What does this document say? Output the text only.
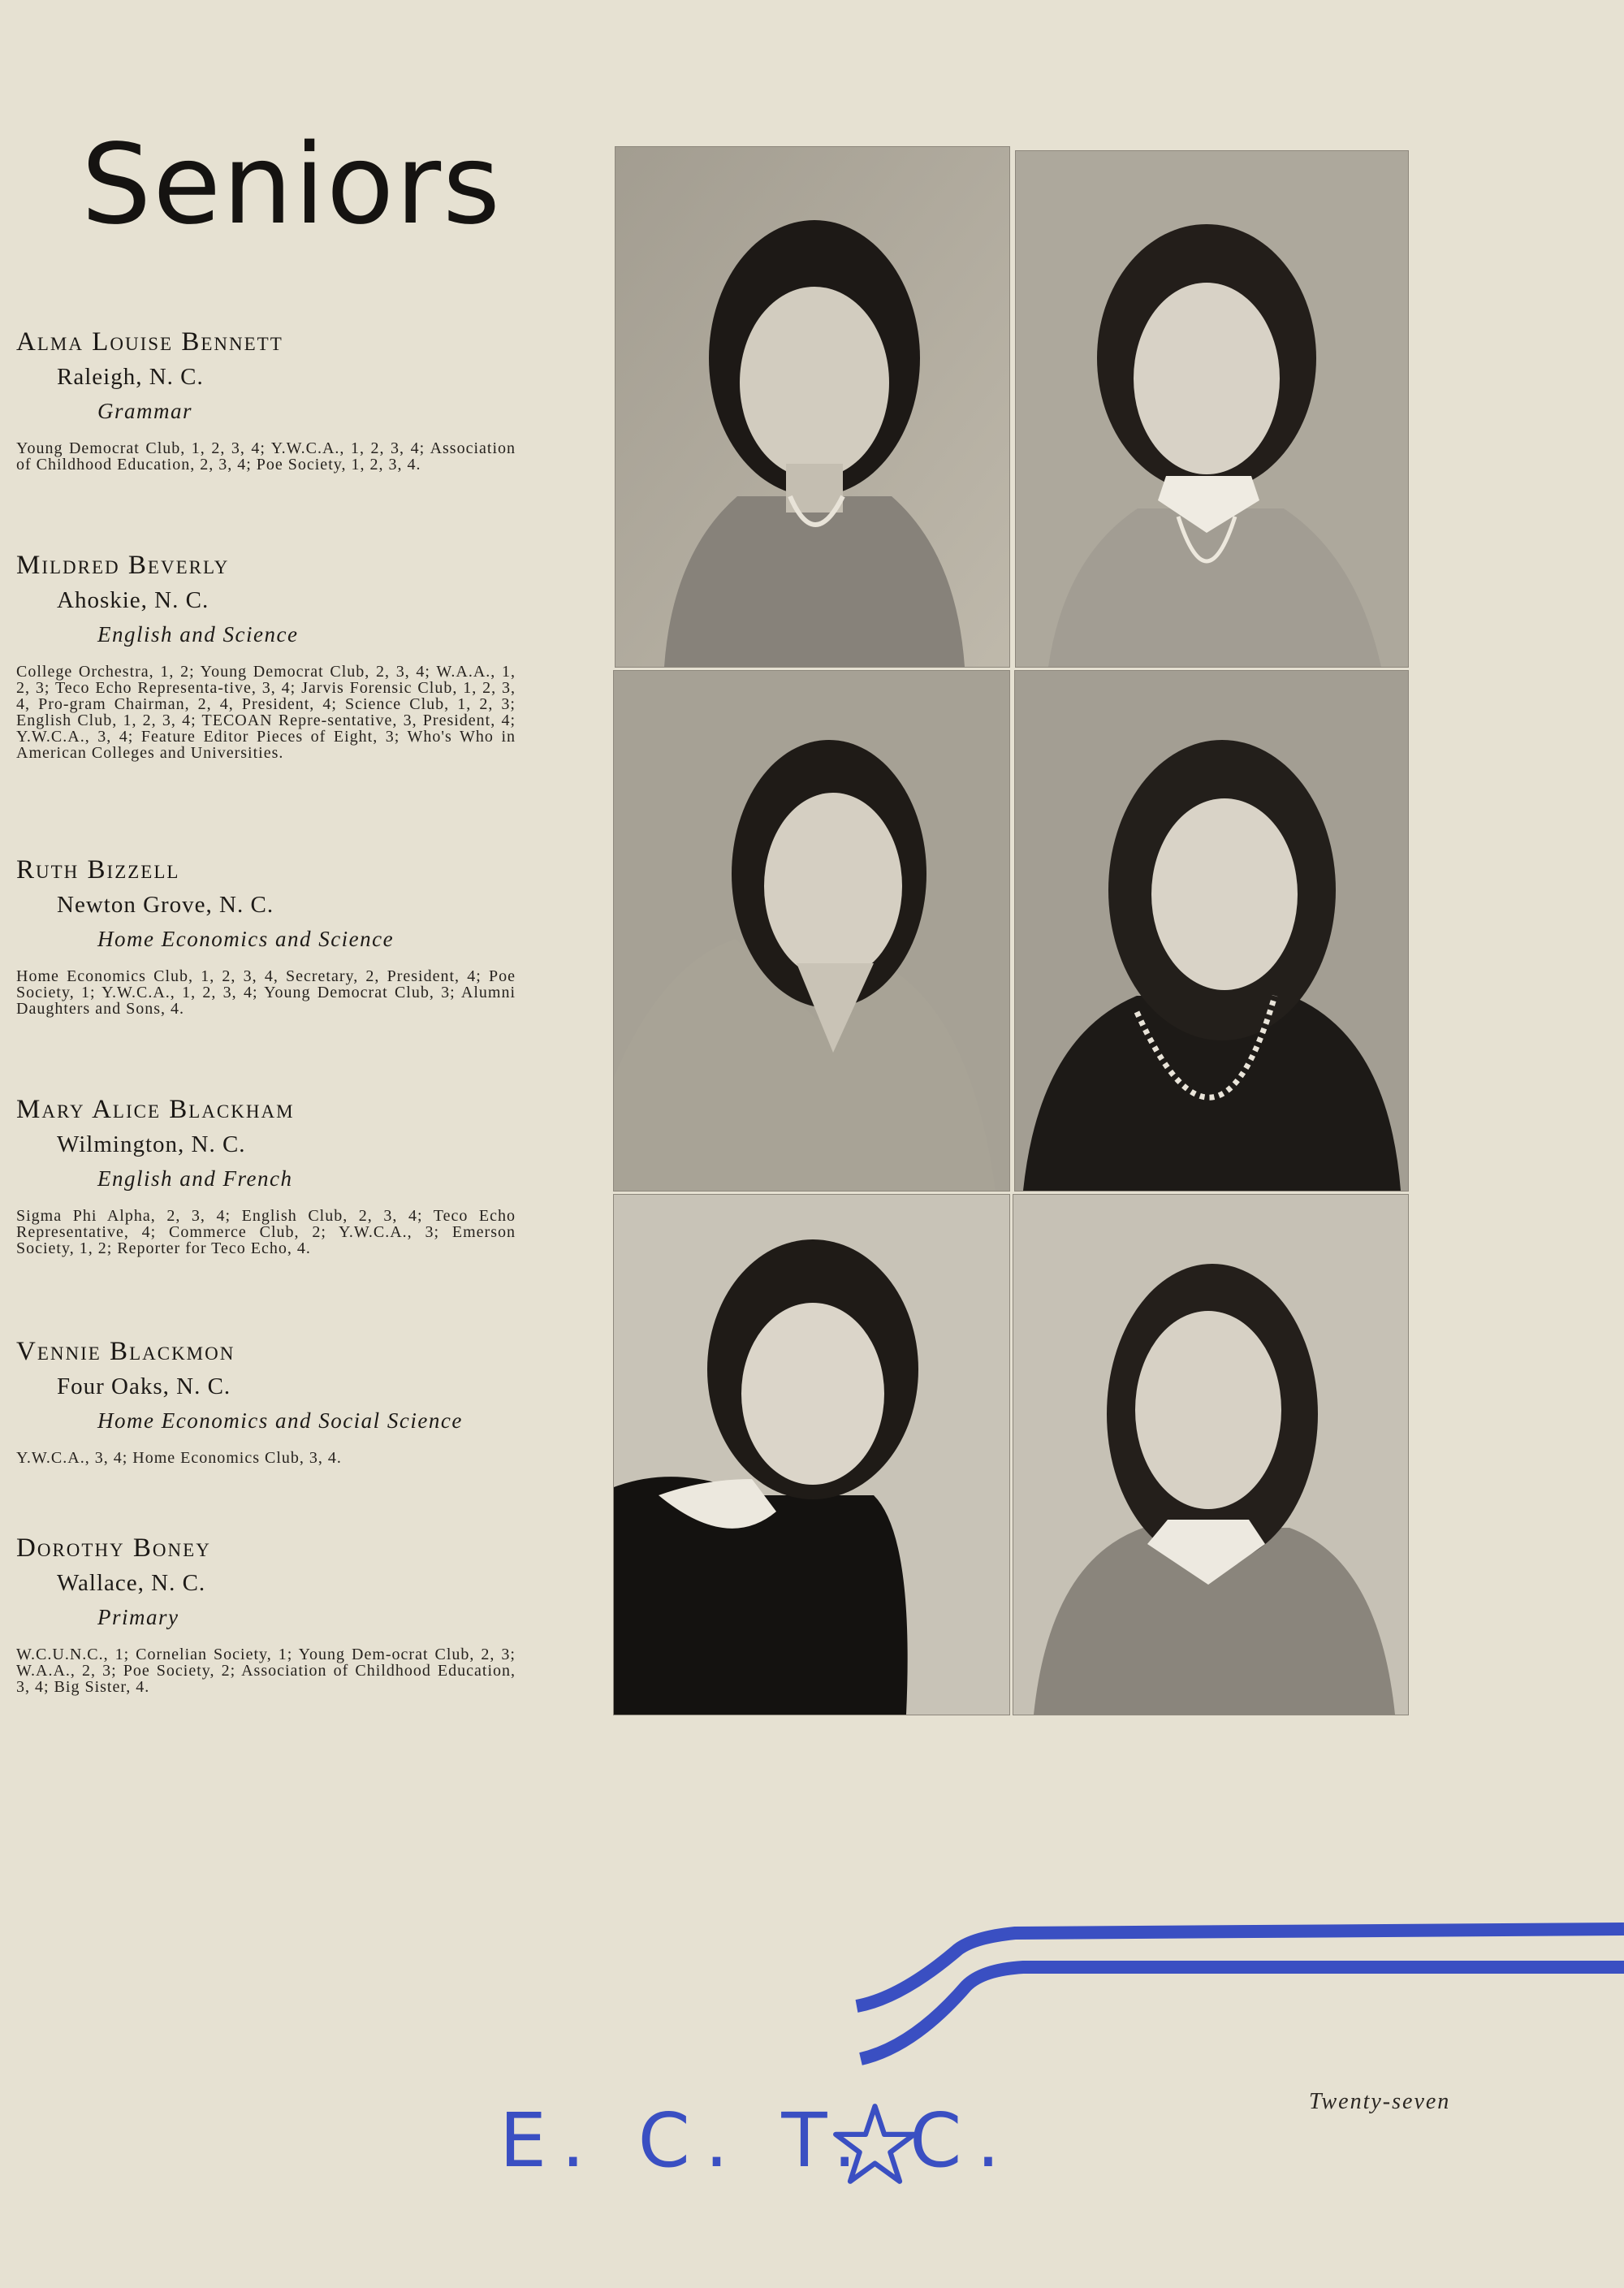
Seniors
Alma Louise Bennett
Raleigh, N. C.
Grammar
Young Democrat Club, 1, 2, 3, 4; Y.W.C.A., 1, 2, 3, 4; Association of Childhood Education, 2, 3, 4; Poe Society, 1, 2, 3, 4.
Mildred Beverly
Ahoskie, N. C.
English and Science
College Orchestra, 1, 2; Young Democrat Club, 2, 3, 4; W.A.A., 1, 2, 3; Teco Echo Representa-tive, 3, 4; Jarvis Forensic Club, 1, 2, 3, 4, Pro-gram Chairman, 2, 4, President, 4; Science Club, 1, 2, 3; English Club, 1, 2, 3, 4; TECOAN Repre-sentative, 3, President, 4; Y.W.C.A., 3, 4; Feature Editor Pieces of Eight, 3; Who's Who in American Colleges and Universities.
Ruth Bizzell
Newton Grove, N. C.
Home Economics and Science
Home Economics Club, 1, 2, 3, 4, Secretary, 2, President, 4; Poe Society, 1; Y.W.C.A., 1, 2, 3, 4; Young Democrat Club, 3; Alumni Daughters and Sons, 4.
Mary Alice Blackham
Wilmington, N. C.
English and French
Sigma Phi Alpha, 2, 3, 4; English Club, 2, 3, 4; Teco Echo Representative, 4; Commerce Club, 2; Y.W.C.A., 3; Emerson Society, 1, 2; Reporter for Teco Echo, 4.
Vennie Blackmon
Four Oaks, N. C.
Home Economics and Social Science
Y.W.C.A., 3, 4; Home Economics Club, 3, 4.
Dorothy Boney
Wallace, N. C.
Primary
W.C.U.N.C., 1; Cornelian Society, 1; Young Dem-ocrat Club, 2, 3; W.A.A., 2, 3; Poe Society, 2; Association of Childhood Education, 3, 4; Big Sister, 4.
E. C. T. C.	Twenty-seven
